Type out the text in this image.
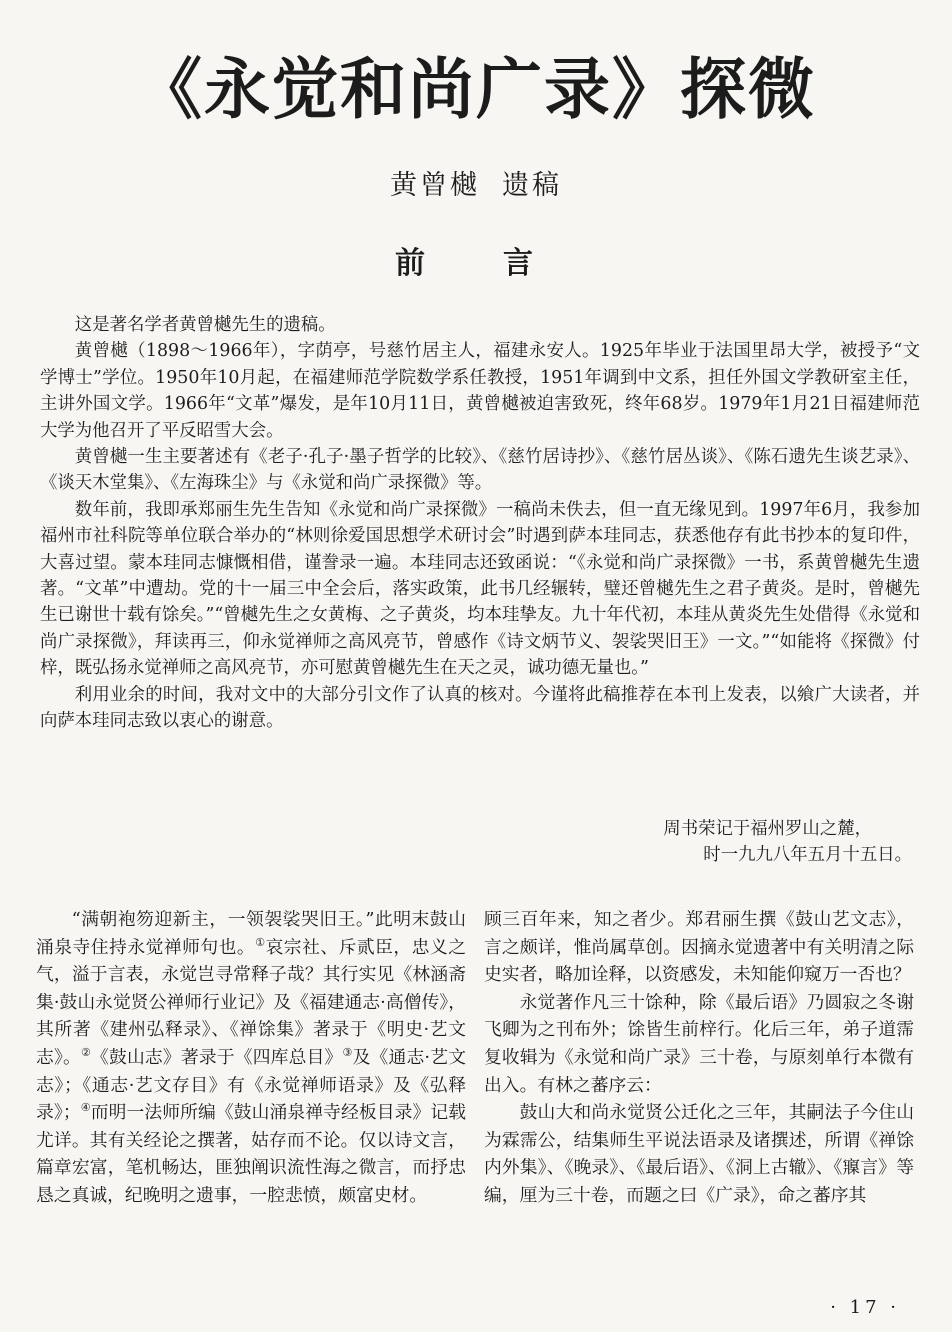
《永觉和尚广录》探微
黄曾樾 遗稿
前　言

这是著名学者黄曾樾先生的遗稿。

黄曾樾（1898～1966年），字荫亭，号慈竹居主人，福建永安人。1925年毕业于法国里昂大学，被授予“文学博士”学位。1950年10月起，在福建师范学院数学系任教授，1951年调到中文系，担任外国文学教研室主任，主讲外国文学。1966年“文革”爆发，是年10月11日，黄曾樾被迫害致死，终年68岁。1979年1月21日福建师范大学为他召开了平反昭雪大会。

黄曾樾一生主要著述有《老子·孔子·墨子哲学的比较》、《慈竹居诗抄》、《慈竹居丛谈》、《陈石遗先生谈艺录》、《谈天木堂集》、《左海珠尘》与《永觉和尚广录探微》等。

数年前，我即承郑丽生先生告知《永觉和尚广录探微》一稿尚未佚去，但一直无缘见到。1997年6月，我参加福州市社科院等单位联合举办的“林则徐爱国思想学术研讨会”时遇到萨本珪同志，获悉他存有此书抄本的复印件，大喜过望。蒙本珪同志慷慨相借，谨誊录一遍。本珪同志还致函说：“《永觉和尚广录探微》一书，系黄曾樾先生遗著。“文革”中遭劫。党的十一届三中全会后，落实政策，此书几经辗转，璧还曾樾先生之君子黄炎。是时，曾樾先生已谢世十载有馀矣。”“曾樾先生之女黄梅、之子黄炎，均本珪挚友。九十年代初，本珪从黄炎先生处借得《永觉和尚广录探微》，拜读再三，仰永觉禅师之高风亮节，曾感作《诗文炳节义、袈裟哭旧王》一文。”“如能将《探微》付梓，既弘扬永觉禅师之高风亮节，亦可慰黄曾樾先生在天之灵，诚功德无量也。”

利用业余的时间，我对文中的大部分引文作了认真的核对。今谨将此稿推荐在本刊上发表，以飨广大读者，并向萨本珪同志致以衷心的谢意。

周书荣记于福州罗山之麓，
时一九九八年五月十五日。

“满朝袍笏迎新主，一领袈裟哭旧王。”此明末鼓山涌泉寺住持永觉禅师句也。①哀宗社、斥贰臣，忠义之气，溢于言表，永觉岂寻常释子哉？其行实见《林涵斋集·鼓山永觉贤公禅师行业记》及《福建通志·高僧传》，其所著《建州弘释录》、《禅馀集》著录于《明史·艺文志》。②《鼓山志》著录于《四库总目》③及《通志·艺文志》；《通志·艺文存目》有《永觉禅师语录》及《弘释录》；④而明一法师所编《鼓山涌泉禅寺经板目录》记载尤详。其有关经论之撰著，姑存而不论。仅以诗文言，篇章宏富，笔机畅达，匪独阐识流性海之微言，而抒忠恳之真诚，纪晚明之遗事，一腔悲愤，颇富史材。

顾三百年来，知之者少。郑君丽生撰《鼓山艺文志》，言之颇详，惟尚属草创。因摘永觉遗著中有关明清之际史实者，略加诠释，以资感发，未知能仰窥万一否也？

永觉著作凡三十馀种，除《最后语》乃圆寂之冬谢飞卿为之刊布外；馀皆生前梓行。化后三年，弟子道霈复收辑为《永觉和尚广录》三十卷，与原刻单行本微有出入。有林之蕃序云：

鼓山大和尚永觉贤公迁化之三年，其嗣法子今住山为霖霈公，结集师生平说法语录及诸撰述，所谓《禅馀内外集》、《晚录》、《最后语》、《洞上古辙》、《寱言》等编，厘为三十卷，而题之曰《广录》，命之蕃序其

· 17 ·
